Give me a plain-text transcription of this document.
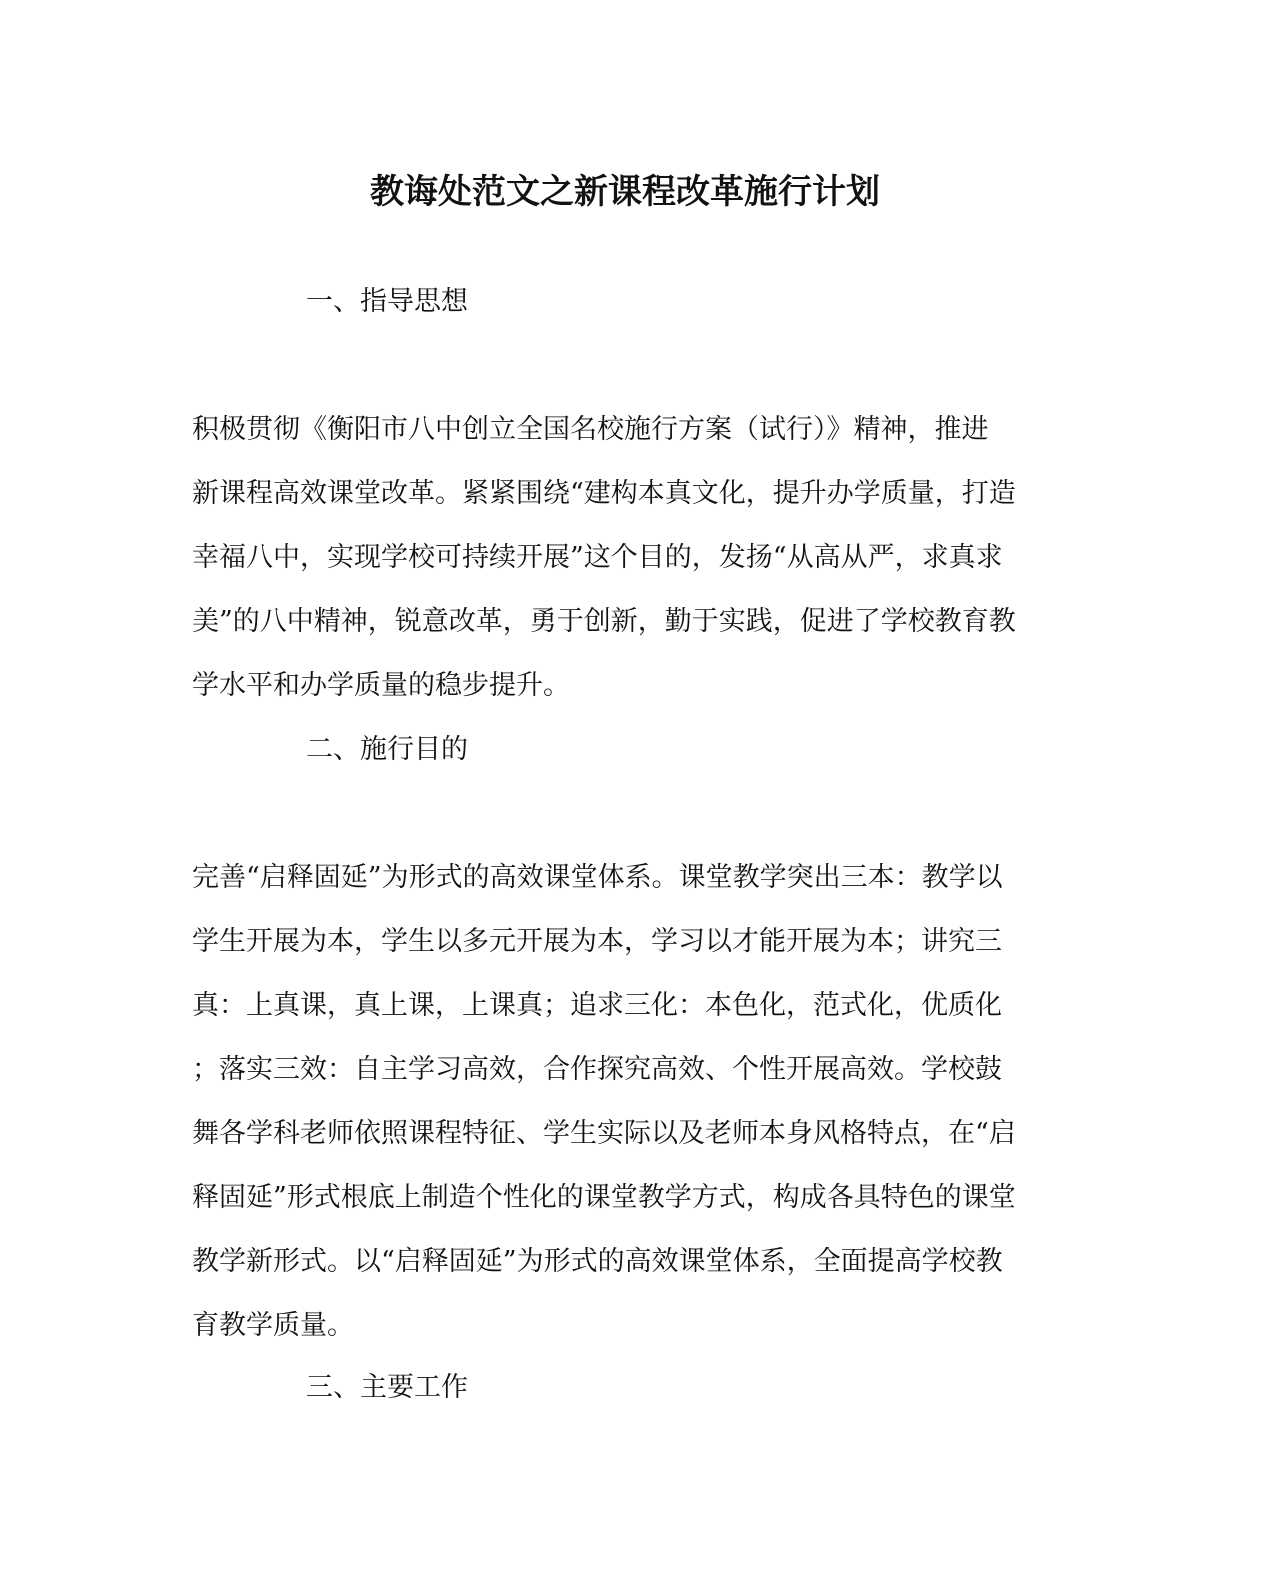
教诲处范文之新课程改革施行计划
一、指导思想
积极贯彻《衡阳市八中创立全国名校施行方案（试行）》精神，推进
新课程高效课堂改革。紧紧围绕“建构本真文化，提升办学质量，打造
幸福八中，实现学校可持续开展”这个目的，发扬“从高从严，求真求
美”的八中精神，锐意改革，勇于创新，勤于实践，促进了学校教育教
学水平和办学质量的稳步提升。
二、施行目的
完善“启释固延”为形式的高效课堂体系。课堂教学突出三本：教学以
学生开展为本，学生以多元开展为本，学习以才能开展为本；讲究三
真：上真课，真上课，上课真；追求三化：本色化，范式化，优质化
；落实三效：自主学习高效，合作探究高效、个性开展高效。学校鼓
舞各学科老师依照课程特征、学生实际以及老师本身风格特点，在“启
释固延”形式根底上制造个性化的课堂教学方式，构成各具特色的课堂
教学新形式。以“启释固延”为形式的高效课堂体系，全面提高学校教
育教学质量。
三、主要工作
